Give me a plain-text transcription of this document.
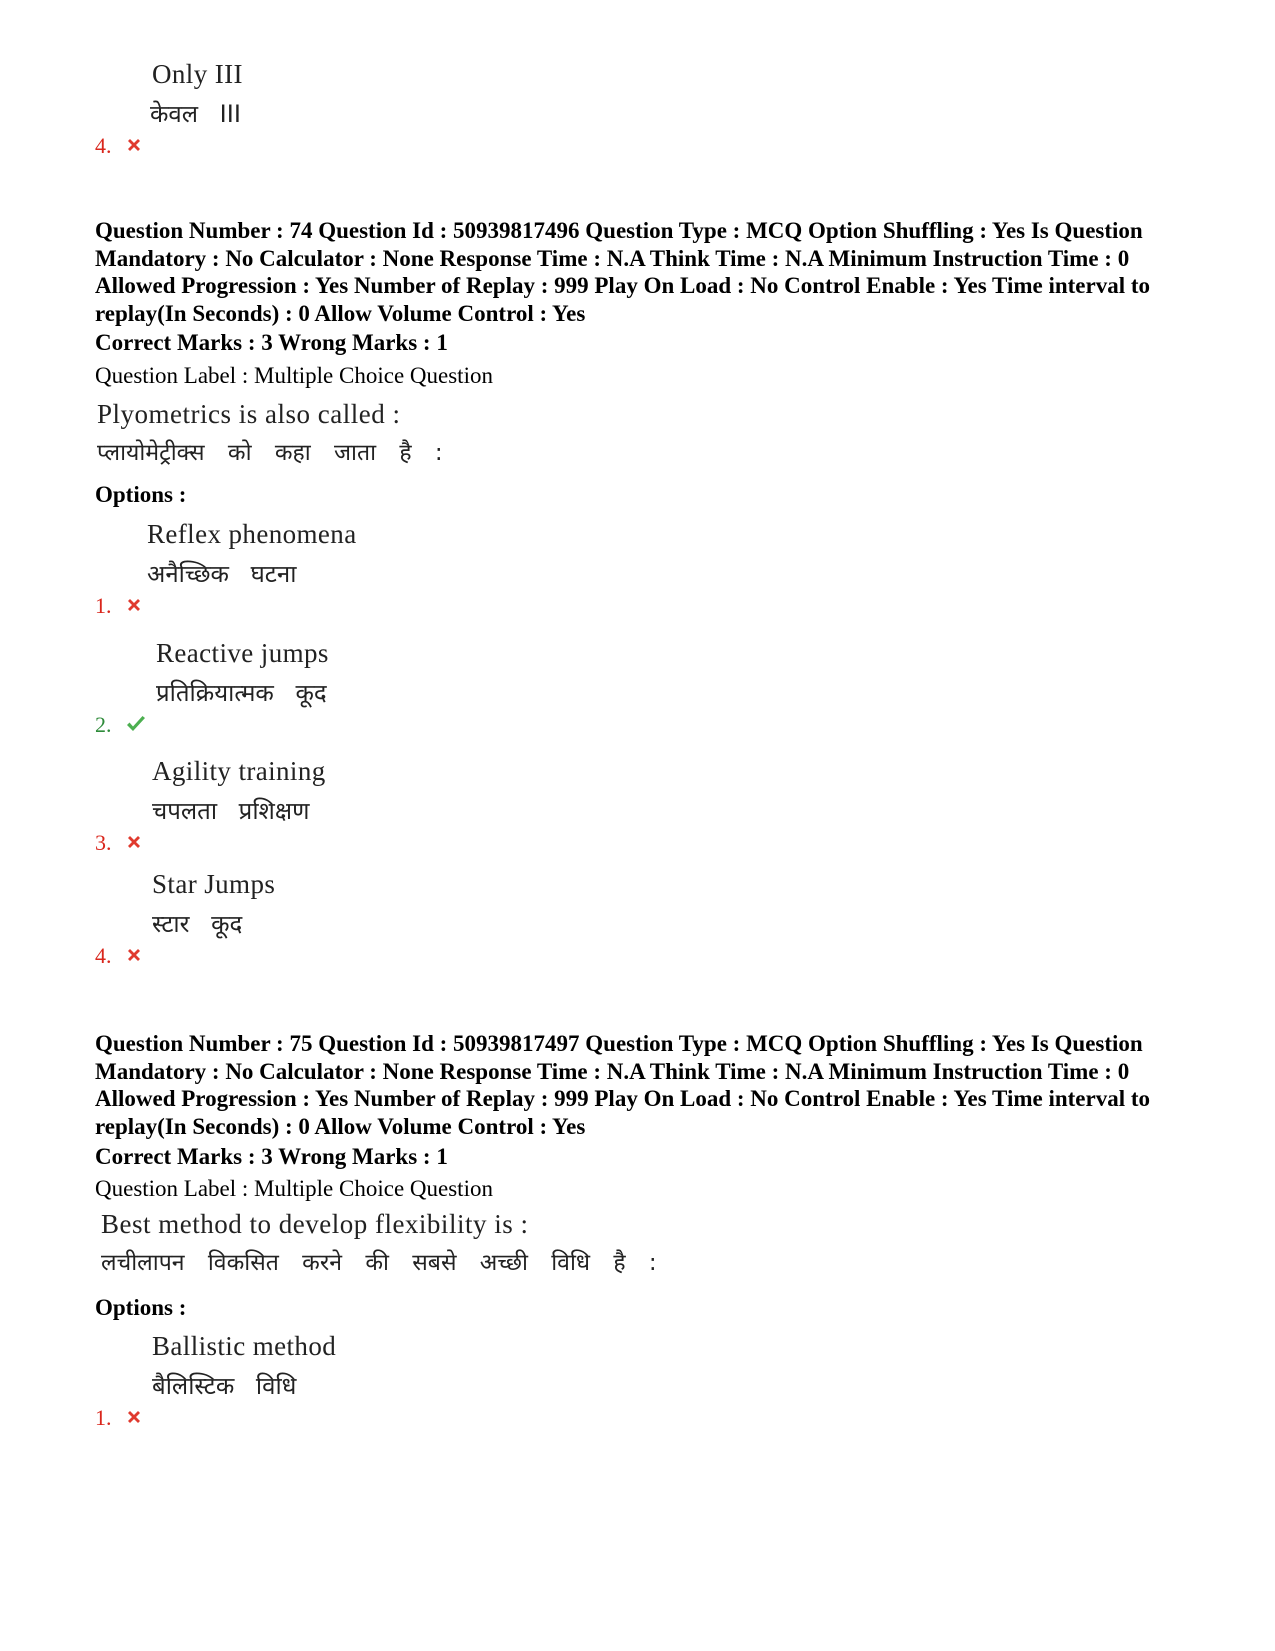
Only III
केवल III
4.

Question Number : 74 Question Id : 50939817496 Question Type : MCQ Option Shuffling : Yes Is Question Mandatory : No Calculator : None Response Time : N.A Think Time : N.A Minimum Instruction Time : 0 Allowed Progression : Yes Number of Replay : 999 Play On Load : No Control Enable : Yes Time interval to replay(In Seconds) : 0 Allow Volume Control : Yes

Correct Marks : 3 Wrong Marks : 1
Question Label : Multiple Choice Question
Plyometrics is also called :
प्लायोमेट्रीक्स को कहा जाता है :
Options :
Reflex phenomena
अनैच्छिक घटना
1.
Reactive jumps
प्रतिक्रियात्मक कूद
2.
Agility training
चपलता प्रशिक्षण
3.
Star Jumps
स्टार कूद
4.

Question Number : 75 Question Id : 50939817497 Question Type : MCQ Option Shuffling : Yes Is Question Mandatory : No Calculator : None Response Time : N.A Think Time : N.A Minimum Instruction Time : 0 Allowed Progression : Yes Number of Replay : 999 Play On Load : No Control Enable : Yes Time interval to replay(In Seconds) : 0 Allow Volume Control : Yes

Correct Marks : 3 Wrong Marks : 1
Question Label : Multiple Choice Question
Best method to develop flexibility is :
लचीलापन विकसित करने की सबसे अच्छी विधि है :
Options :
Ballistic method
बैलिस्टिक विधि
1.
